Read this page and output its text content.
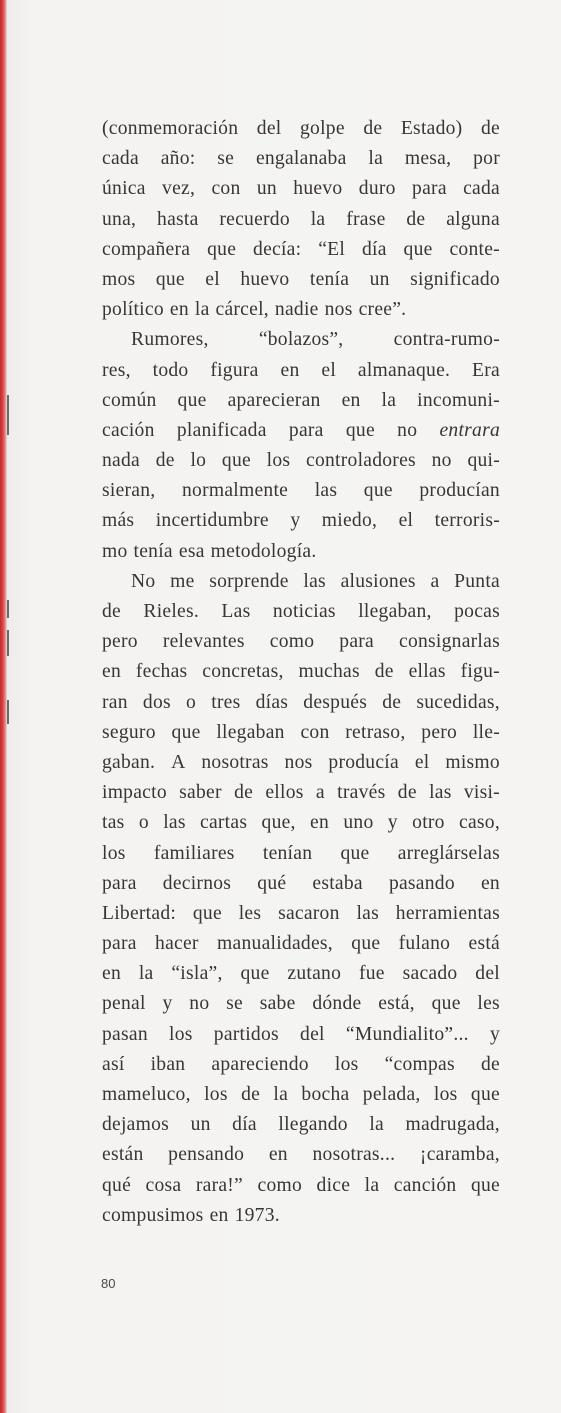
(conmemoración del golpe de Estado) de
cada año: se engalanaba la mesa, por
única vez, con un huevo duro para cada
una, hasta recuerdo la frase de alguna
compañera que decía: “El día que conte-
mos que el huevo tenía un significado
político en la cárcel, nadie nos cree”.
Rumores,	“bolazos”,	contra-rumo-
res, todo figura en el almanaque. Era
común que aparecieran en la incomuni-
cación planificada para que no entrara
nada de lo que los controladores no qui-
sieran, normalmente las que producían
más incertidumbre y miedo, el terroris-
mo tenía esa metodología.
No me sorprende las alusiones a Punta
de Rieles. Las noticias llegaban, pocas
pero relevantes como para consignarlas
en fechas concretas, muchas de ellas figu-
ran dos o tres días después de sucedidas,
seguro que llegaban con retraso, pero lle-
gaban. A nosotras nos producía el mismo
impacto saber de ellos a través de las visi-
tas o las cartas que, en uno y otro caso,
los familiares tenían que arreglárselas
para decirnos qué estaba pasando en
Libertad: que les sacaron las herramientas
para hacer manualidades, que fulano está
en la “isla”, que zutano fue sacado del
penal y no se sabe dónde está, que les
pasan los partidos del “Mundialito”... y
así iban apareciendo los “compas de
mameluco, los de la bocha pelada, los que
dejamos un día llegando la madrugada,
están pensando en nosotras... ¡caramba,
qué cosa rara!” como dice la canción que
compusimos en 1973.
80
